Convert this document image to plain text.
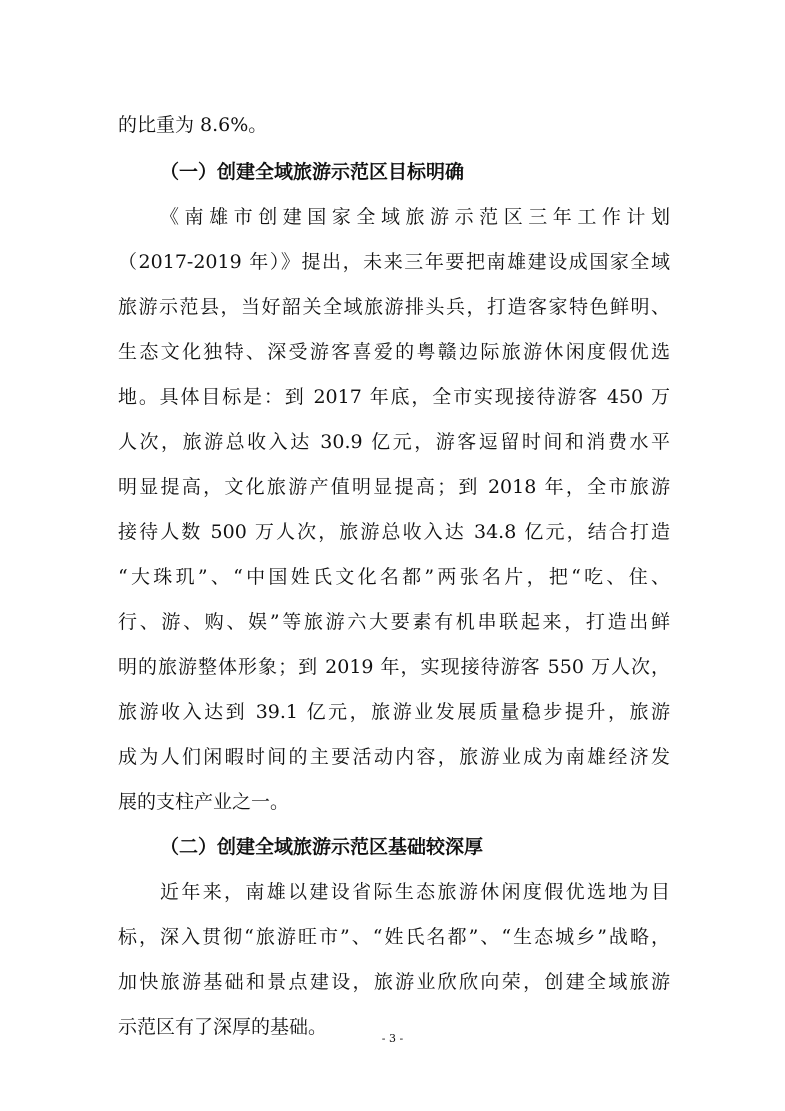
的比重为 8.6%。
（一）创建全域旅游示范区目标明确
《南雄市创建国家全域旅游示范区三年工作计划
（2017-2019 年）》提出，未来三年要把南雄建设成国家全域
旅游示范县，当好韶关全域旅游排头兵，打造客家特色鲜明、
生态文化独特、深受游客喜爱的粤赣边际旅游休闲度假优选
地。具体目标是：到 2017 年底，全市实现接待游客 450 万
人次，旅游总收入达 30.9 亿元，游客逗留时间和消费水平
明显提高，文化旅游产值明显提高；到 2018 年，全市旅游
接待人数 500 万人次，旅游总收入达 34.8 亿元，结合打造
“大珠玑”、“中国姓氏文化名都”两张名片，把“吃、住、
行、游、购、娱”等旅游六大要素有机串联起来，打造出鲜
明的旅游整体形象；到 2019 年，实现接待游客 550 万人次，
旅游收入达到 39.1 亿元，旅游业发展质量稳步提升，旅游
成为人们闲暇时间的主要活动内容，旅游业成为南雄经济发
展的支柱产业之一。
（二）创建全域旅游示范区基础较深厚
近年来，南雄以建设省际生态旅游休闲度假优选地为目
标，深入贯彻“旅游旺市”、“姓氏名都”、“生态城乡”战略，
加快旅游基础和景点建设，旅游业欣欣向荣，创建全域旅游
示范区有了深厚的基础。
- 3 -
